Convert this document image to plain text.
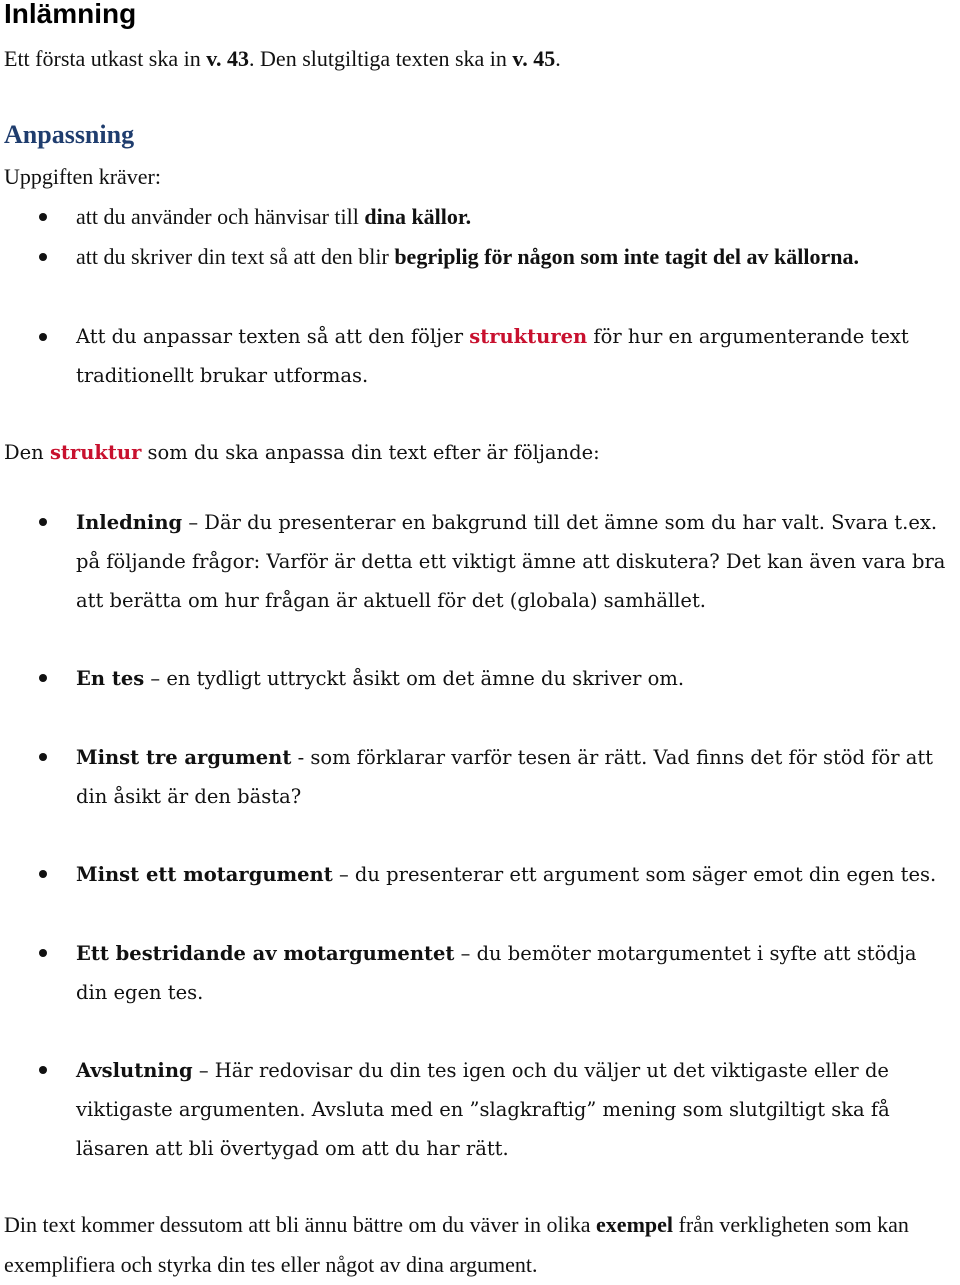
Inlämning

Ett första utkast ska in v. 43. Den slutgiltiga texten ska in v. 45.

Anpassning

Uppgiften kräver:

att du använder och hänvisar till dina källor.

att du skriver din text så att den blir begriplig för någon som inte tagit del av källorna.

Att du anpassar texten så att den följer strukturen för hur en argumenterande text traditionellt brukar utformas.

Den struktur som du ska anpassa din text efter är följande:

Inledning – Där du presenterar en bakgrund till det ämne som du har valt. Svara t.ex. på följande frågor: Varför är detta ett viktigt ämne att diskutera? Det kan även vara bra att berätta om hur frågan är aktuell för det (globala) samhället.

En tes – en tydligt uttryckt åsikt om det ämne du skriver om.

Minst tre argument - som förklarar varför tesen är rätt. Vad finns det för stöd för att din åsikt är den bästa?

Minst ett motargument – du presenterar ett argument som säger emot din egen tes.

Ett bestridande av motargumentet – du bemöter motargumentet i syfte att stödja din egen tes.

Avslutning – Här redovisar du din tes igen och du väljer ut det viktigaste eller de viktigaste argumenten. Avsluta med en ”slagkraftig” mening som slutgiltigt ska få läsaren att bli övertygad om att du har rätt.

Din text kommer dessutom att bli ännu bättre om du väver in olika exempel från verkligheten som kan exemplifiera och styrka din tes eller något av dina argument.
